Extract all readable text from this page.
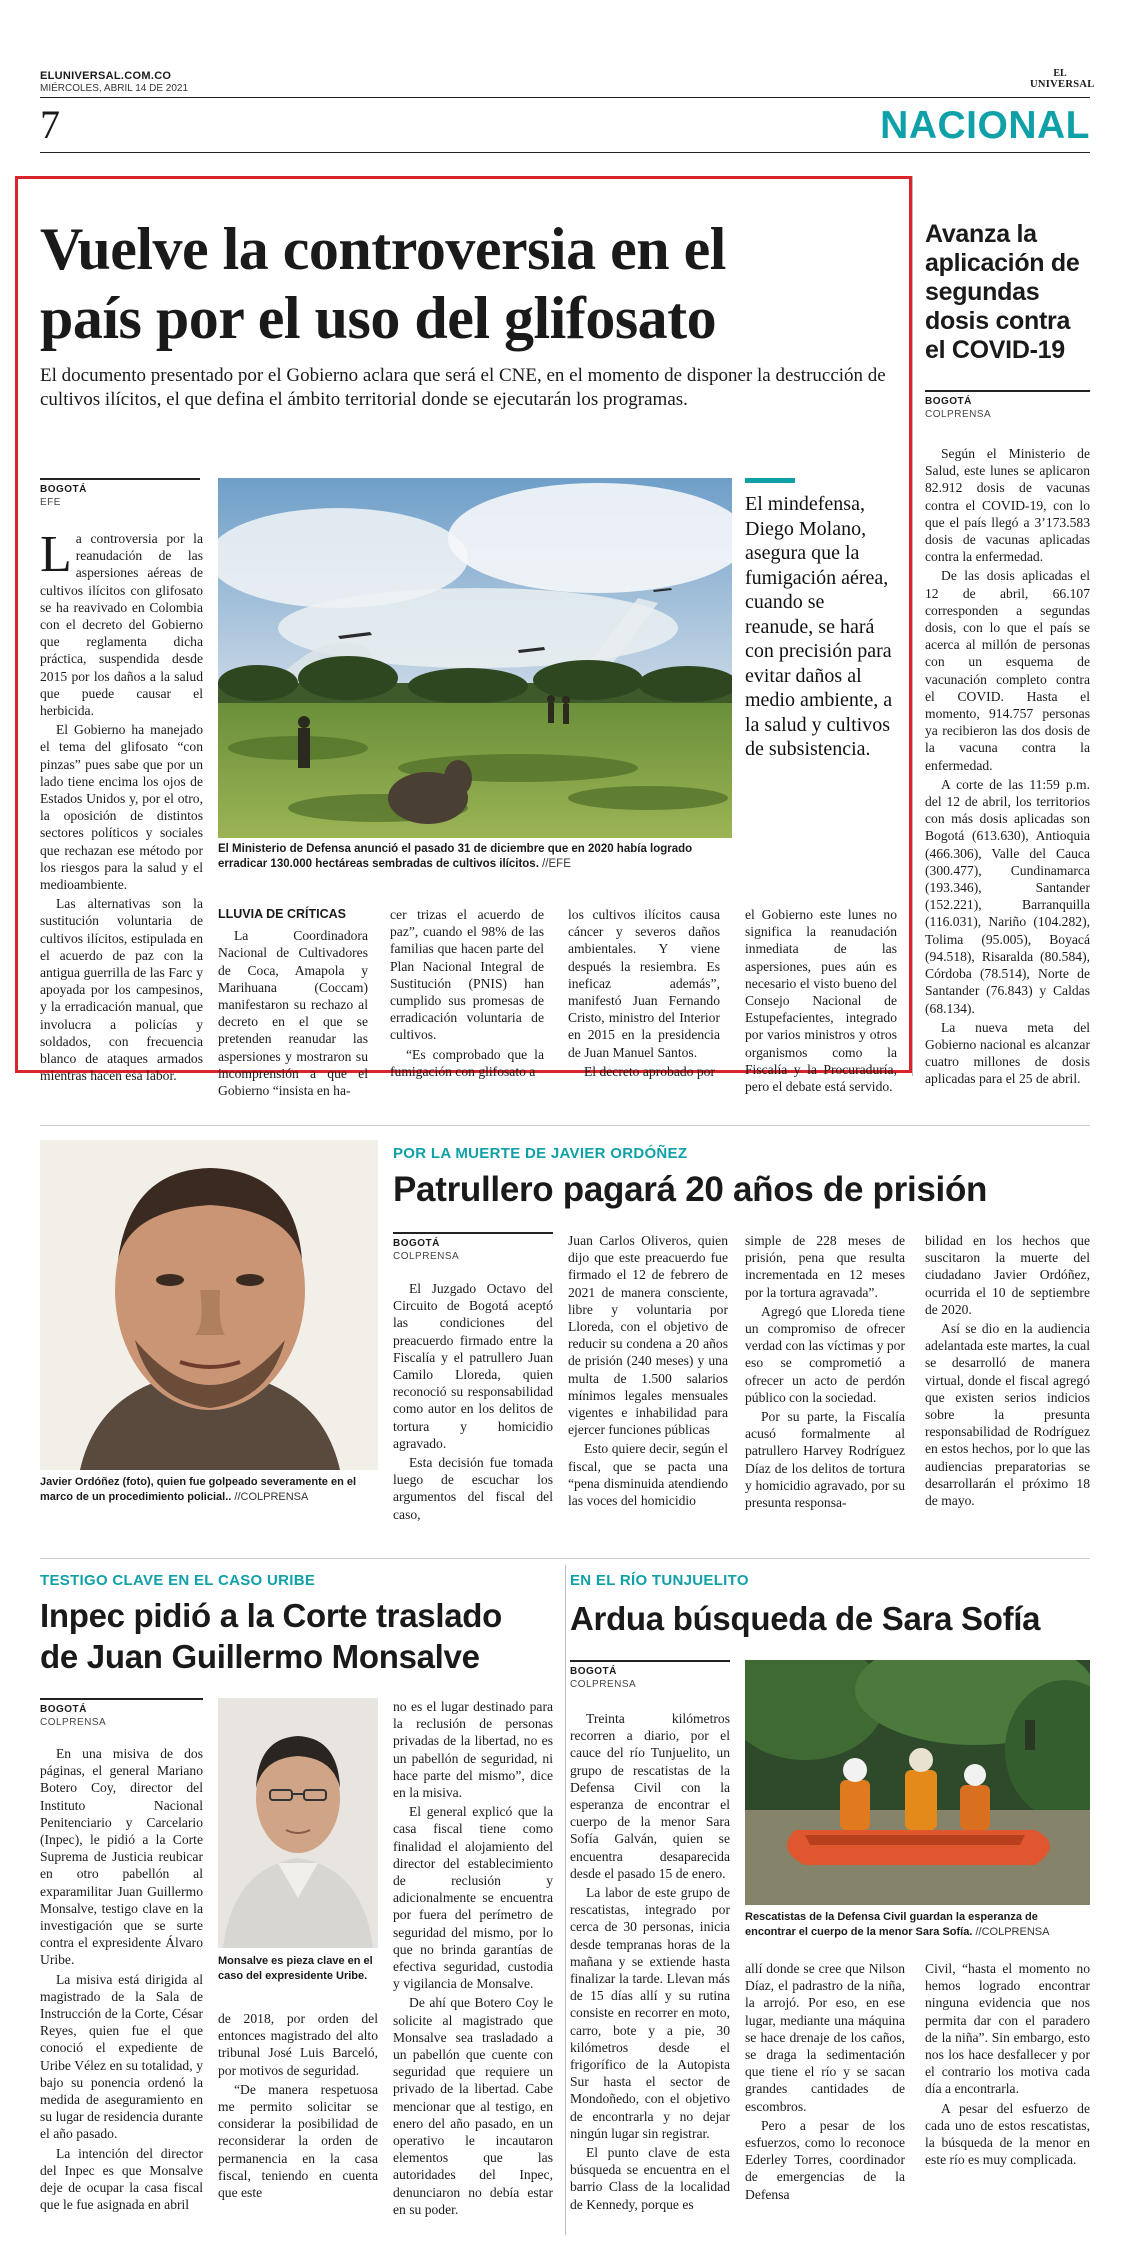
ELUNIVERSAL.COM.CO
MIÉRCOLES, ABRIL 14 DE 2021
EL
UNIVERSAL
7	NACIONAL
Vuelve la controversia en el
país por el uso del glifosato
El documento presentado por el Gobierno aclara que será el CNE, en el momento de disponer la destrucción de cultivos ilícitos, el que defina el ámbito territorial donde se ejecutarán los programas.
BOGOTÁ
EFE

La controversia por la reanudación de las aspersiones aéreas de cultivos ilícitos con glifosato se ha reavivado en Colombia con el decreto del Gobierno que reglamenta dicha práctica, suspendida desde 2015 por los daños a la salud que puede causar el herbicida.

El Gobierno ha manejado el tema del glifosato “con pinzas” pues sabe que por un lado tiene encima los ojos de Estados Unidos y, por el otro, la oposición de distintos sectores políticos y sociales que rechazan ese método por los riesgos para la salud y el medioambiente.

Las alternativas son la sustitución voluntaria de cultivos ilícitos, estipulada en el acuerdo de paz con la antigua guerrilla de las Farc y apoyada por los campesinos, y la erradicación manual, que involucra a policías y soldados, con frecuencia blanco de ataques armados mientras hacen esa labor.

El Ministerio de Defensa anunció el pasado 31 de diciembre que en 2020 había logrado erradicar 130.000 hectáreas sembradas de cultivos ilícitos. //EFE
El mindefensa, Diego Molano, asegura que la fumigación aérea, cuando se reanude, se hará con precisión para evitar daños al medio ambiente, a la salud y cultivos de subsistencia.
LLUVIA DE CRÍTICAS

La Coordinadora Nacional de Cultivadores de Coca, Amapola y Marihuana (Coccam) manifestaron su rechazo al decreto en el que se pretenden reanudar las aspersiones y mostraron su incomprensión a que el Gobierno “insista en ha-

cer trizas el acuerdo de paz”, cuando el 98% de las familias que hacen parte del Plan Nacional Integral de Sustitución (PNIS) han cumplido sus promesas de erradicación voluntaria de cultivos.

“Es comprobado que la fumigación con glifosato a

los cultivos ilícitos causa cáncer y severos daños ambientales. Y viene después la resiembra. Es ineficaz además”, manifestó Juan Fernando Cristo, ministro del Interior en 2015 en la presidencia de Juan Manuel Santos.

El decreto aprobado por

el Gobierno este lunes no significa la reanudación inmediata de las aspersiones, pues aún es necesario el visto bueno del Consejo Nacional de Estupefacientes, integrado por varios ministros y otros organismos como la Fiscalía y la Procuraduría, pero el debate está servido.

Avanza la aplicación de segundas dosis contra el COVID-19
BOGOTÁ
COLPRENSA

Según el Ministerio de Salud, este lunes se aplicaron 82.912 dosis de vacunas contra el COVID-19, con lo que el país llegó a 3’173.583 dosis de vacunas aplicadas contra la enfermedad.

De las dosis aplicadas el 12 de abril, 66.107 corresponden a segundas dosis, con lo que el país se acerca al millón de personas con un esquema de vacunación completo contra el COVID. Hasta el momento, 914.757 personas ya recibieron las dos dosis de la vacuna contra la enfermedad.

A corte de las 11:59 p.m. del 12 de abril, los territorios con más dosis aplicadas son Bogotá (613.630), Antioquia (466.306), Valle del Cauca (300.477), Cundinamarca (193.346), Santander (152.221), Barranquilla (116.031), Nariño (104.282), Tolima (95.005), Boyacá (94.518), Risaralda (80.584), Córdoba (78.514), Norte de Santander (76.843) y Caldas (68.134).

La nueva meta del Gobierno nacional es alcanzar cuatro millones de dosis aplicadas para el 25 de abril.

Javier Ordóñez (foto), quien fue golpeado severamente en el marco de un procedimiento policial.. //COLPRENSA
POR LA MUERTE DE JAVIER ORDÓÑEZ
Patrullero pagará 20 años de prisión
BOGOTÁ
COLPRENSA

El Juzgado Octavo del Circuito de Bogotá aceptó las condiciones del preacuerdo firmado entre la Fiscalía y el patrullero Juan Camilo Lloreda, quien reconoció su responsabilidad como autor en los delitos de tortura y homicidio agravado.

Esta decisión fue tomada luego de escuchar los argumentos del fiscal del caso,

Juan Carlos Oliveros, quien dijo que este preacuerdo fue firmado el 12 de febrero de 2021 de manera consciente, libre y voluntaria por Lloreda, con el objetivo de reducir su condena a 20 años de prisión (240 meses) y una multa de 1.500 salarios mínimos legales mensuales vigentes e inhabilidad para ejercer funciones públicas

Esto quiere decir, según el fiscal, que se pacta una “pena disminuida atendiendo las voces del homicidio

simple de 228 meses de prisión, pena que resulta incrementada en 12 meses por la tortura agravada”.

Agregó que Lloreda tiene un compromiso de ofrecer verdad con las víctimas y por eso se comprometió a ofrecer un acto de perdón público con la sociedad.

Por su parte, la Fiscalía acusó formalmente al patrullero Harvey Rodríguez Díaz de los delitos de tortura y homicidio agravado, por su presunta responsa-

bilidad en los hechos que suscitaron la muerte del ciudadano Javier Ordóñez, ocurrida el 10 de septiembre de 2020.

Así se dio en la audiencia adelantada este martes, la cual se desarrolló de manera virtual, donde el fiscal agregó que existen serios indicios sobre la presunta responsabilidad de Rodríguez en estos hechos, por lo que las audiencias preparatorias se desarrollarán el próximo 18 de mayo.

TESTIGO CLAVE EN EL CASO URIBE
Inpec pidió a la Corte traslado
de Juan Guillermo Monsalve
BOGOTÁ
COLPRENSA

En una misiva de dos páginas, el general Mariano Botero Coy, director del Instituto Nacional Penitenciario y Carcelario (Inpec), le pidió a la Corte Suprema de Justicia reubicar en otro pabellón al exparamilitar Juan Guillermo Monsalve, testigo clave en la investigación que se surte contra el expresidente Álvaro Uribe.

La misiva está dirigida al magistrado de la Sala de Instrucción de la Corte, César Reyes, quien fue el que conoció el expediente de Uribe Vélez en su totalidad, y bajo su ponencia ordenó la medida de aseguramiento en su lugar de residencia durante el año pasado.

La intención del director del Inpec es que Monsalve deje de ocupar la casa fiscal que le fue asignada en abril

Monsalve es pieza clave en el caso del expresidente Uribe.

de 2018, por orden del entonces magistrado del alto tribunal José Luis Barceló, por motivos de seguridad.

“De manera respetuosa me permito solicitar se considerar la posibilidad de reconsiderar la orden de permanencia en la casa fiscal, teniendo en cuenta que este

no es el lugar destinado para la reclusión de personas privadas de la libertad, no es un pabellón de seguridad, ni hace parte del mismo”, dice en la misiva.

El general explicó que la casa fiscal tiene como finalidad el alojamiento del director del establecimiento de reclusión y adicionalmente se encuentra por fuera del perímetro de seguridad del mismo, por lo que no brinda garantías de efectiva seguridad, custodia y vigilancia de Monsalve.

De ahí que Botero Coy le solicite al magistrado que Monsalve sea trasladado a un pabellón que cuente con seguridad que requiere un privado de la libertad. Cabe mencionar que al testigo, en enero del año pasado, en un operativo le incautaron elementos que las autoridades del Inpec, denunciaron no debía estar en su poder.

EN EL RÍO TUNJUELITO
Ardua búsqueda de Sara Sofía
BOGOTÁ
COLPRENSA

Treinta kilómetros recorren a diario, por el cauce del río Tunjuelito, un grupo de rescatistas de la Defensa Civil con la esperanza de encontrar el cuerpo de la menor Sara Sofía Galván, quien se encuentra desaparecida desde el pasado 15 de enero.

La labor de este grupo de rescatistas, integrado por cerca de 30 personas, inicia desde tempranas horas de la mañana y se extiende hasta finalizar la tarde. Llevan más de 15 días allí y su rutina consiste en recorrer en moto, carro, bote y a pie, 30 kilómetros desde el frigorífico de la Autopista Sur hasta el sector de Mondoñedo, con el objetivo de encontrarla y no dejar ningún lugar sin registrar.

El punto clave de esta búsqueda se encuentra en el barrio Class de la localidad de Kennedy, porque es

Rescatistas de la Defensa Civil guardan la esperanza de encontrar el cuerpo de la menor Sara Sofía. //COLPRENSA

allí donde se cree que Nilson Díaz, el padrastro de la niña, la arrojó. Por eso, en ese lugar, mediante una máquina se hace drenaje de los caños, se draga la sedimentación que tiene el río y se sacan grandes cantidades de escombros.

Pero a pesar de los esfuerzos, como lo reconoce Ederley Torres, coordinador de emergencias de la Defensa

Civil, “hasta el momento no hemos logrado encontrar ninguna evidencia que nos permita dar con el paradero de la niña”. Sin embargo, esto nos los hace desfallecer y por el contrario los motiva cada día a encontrarla.

A pesar del esfuerzo de cada uno de estos rescatistas, la búsqueda de la menor en este río es muy complicada.
